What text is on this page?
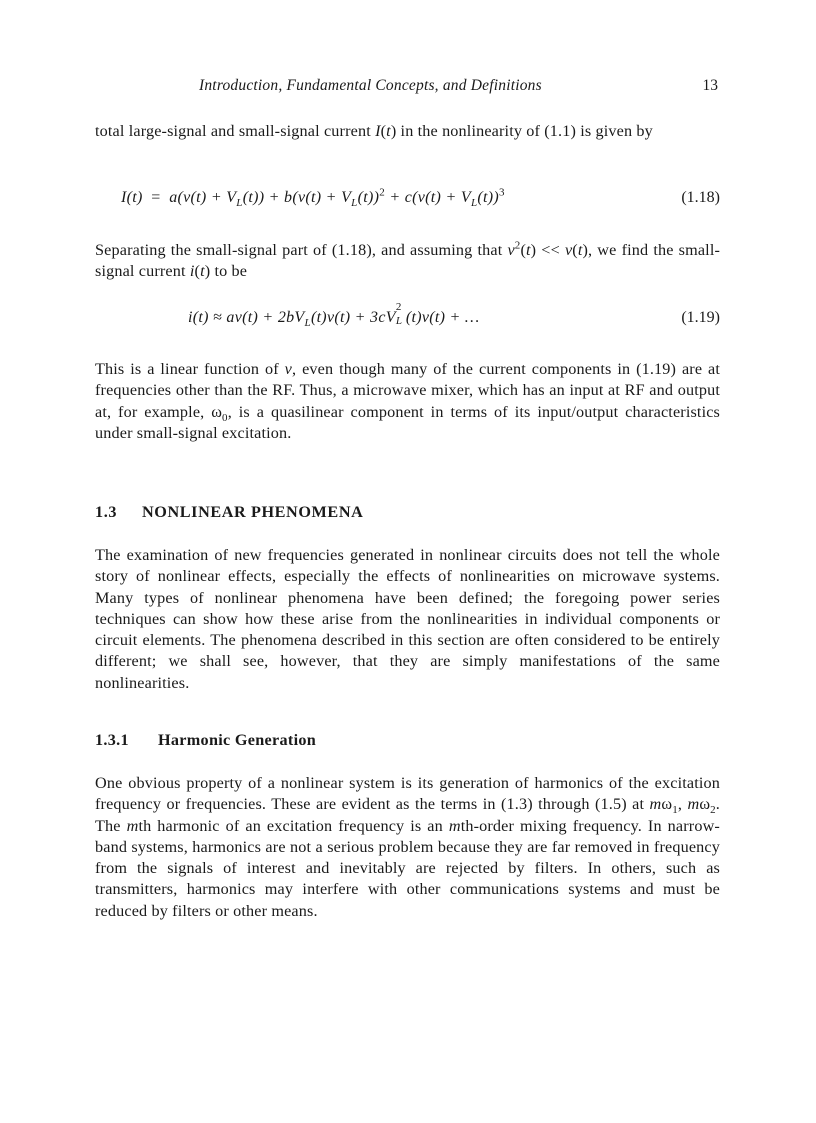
Introduction, Fundamental Concepts, and Definitions	13

total large-signal and small-signal current I(t) in the nonlinearity of (1.1) is given by

$I(t) = a(v(t) + V_L(t)) + b(v(t) + V_L(t))^2 + c(v(t) + V_L(t))^3$	(1.18)

Separating the small-signal part of (1.18), and assuming that $v^2(t) << v(t)$, we find the small-signal current i(t) to be

$i(t) \approx av(t) + 2bV_L(t)v(t) + 3cV$
2
L (t)v(t) + …	(1.19)

This is a linear function of v, even though many of the current components in (1.19) are at frequencies other than the RF. Thus, a microwave mixer, which has an input at RF and output at, for example, $\omega_0$, is a quasilinear component in terms of its input/output characteristics under small-signal excitation.

1.3 NONLINEAR PHENOMENA

The examination of new frequencies generated in nonlinear circuits does not tell the whole story of nonlinear effects, especially the effects of nonlinearities on microwave systems. Many types of nonlinear phenomena have been defined; the foregoing power series techniques can show how these arise from the nonlinearities in individual components or circuit elements. The phenomena described in this section are often considered to be entirely different; we shall see, however, that they are simply manifestations of the same nonlinearities.

1.3.1 Harmonic Generation

One obvious property of a nonlinear system is its generation of harmonics of the excitation frequency or frequencies. These are evident as the terms in (1.3) through (1.5) at $m\omega_1$, $m\omega_2$. The mth harmonic of an excitation frequency is an mth-order mixing frequency. In narrow-band systems, harmonics are not a serious problem because they are far removed in frequency from the signals of interest and inevitably are rejected by filters. In others, such as transmitters, harmonics may interfere with other communications systems and must be reduced by filters or other means.
